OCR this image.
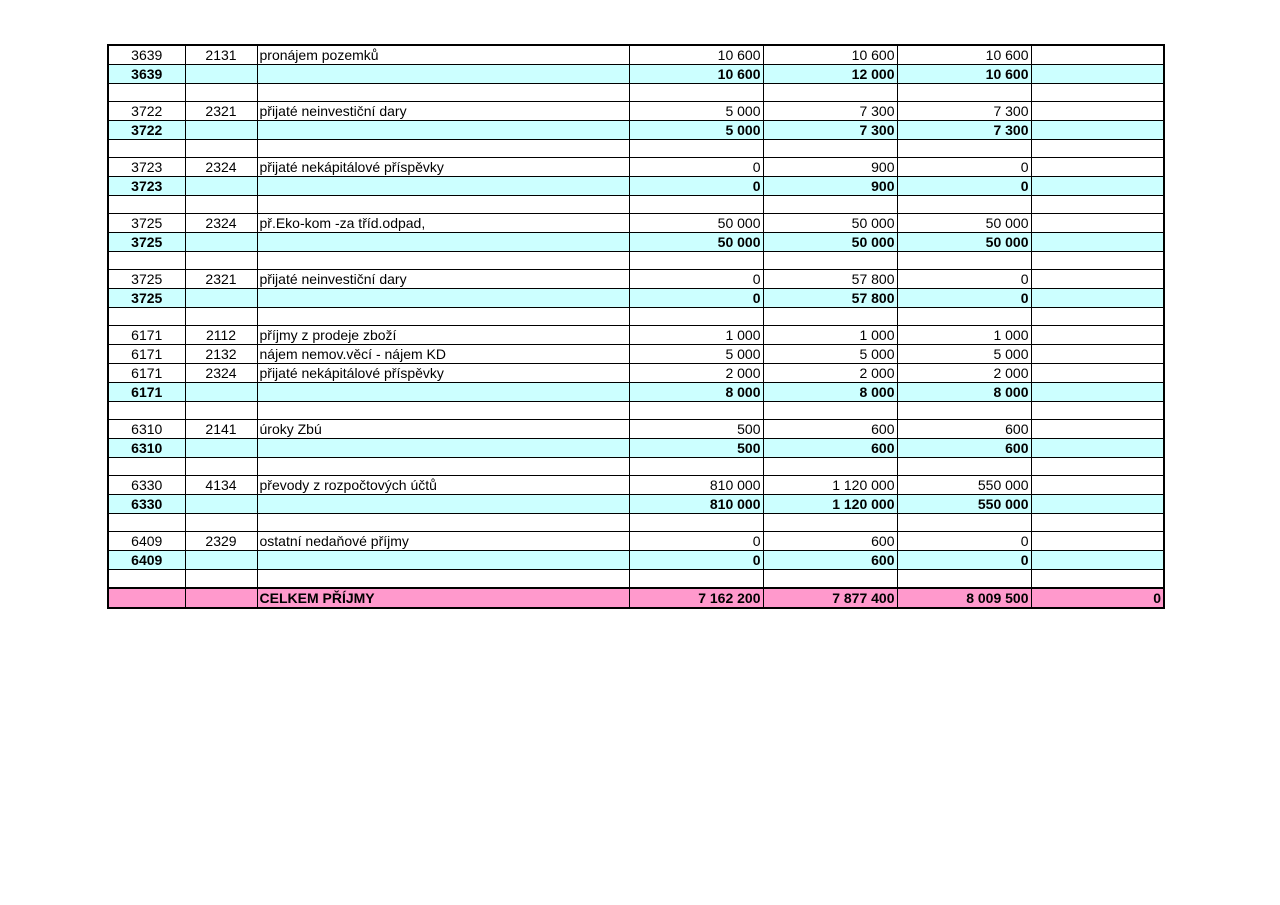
3639	2131	pronájem pozemků	10 600	10 600	10 600	
3639			10 600	12 000	10 600	

3722	2321	přijaté neinvestiční dary	5 000	7 300	7 300	
3722			5 000	7 300	7 300	

3723	2324	přijaté nekápitálové příspěvky	0	900	0	
3723			0	900	0	

3725	2324	př.Eko-kom -za tříd.odpad,	50 000	50 000	50 000	
3725			50 000	50 000	50 000	

3725	2321	přijaté neinvestiční dary	0	57 800	0	
3725			0	57 800	0	

6171	2112	příjmy z prodeje zboží	1 000	1 000	1 000	
6171	2132	nájem nemov.věcí - nájem KD	5 000	5 000	5 000	
6171	2324	přijaté nekápitálové příspěvky	2 000	2 000	2 000	
6171			8 000	8 000	8 000	

6310	2141	úroky Zbú	500	600	600	
6310			500	600	600	

6330	4134	převody z rozpočtových účtů	810 000	1 120 000	550 000	
6330			810 000	1 120 000	550 000	

6409	2329	ostatní nedaňové příjmy	0	600	0	
6409			0	600	0	

		CELKEM PŘÍJMY	7 162 200	7 877 400	8 009 500	0
